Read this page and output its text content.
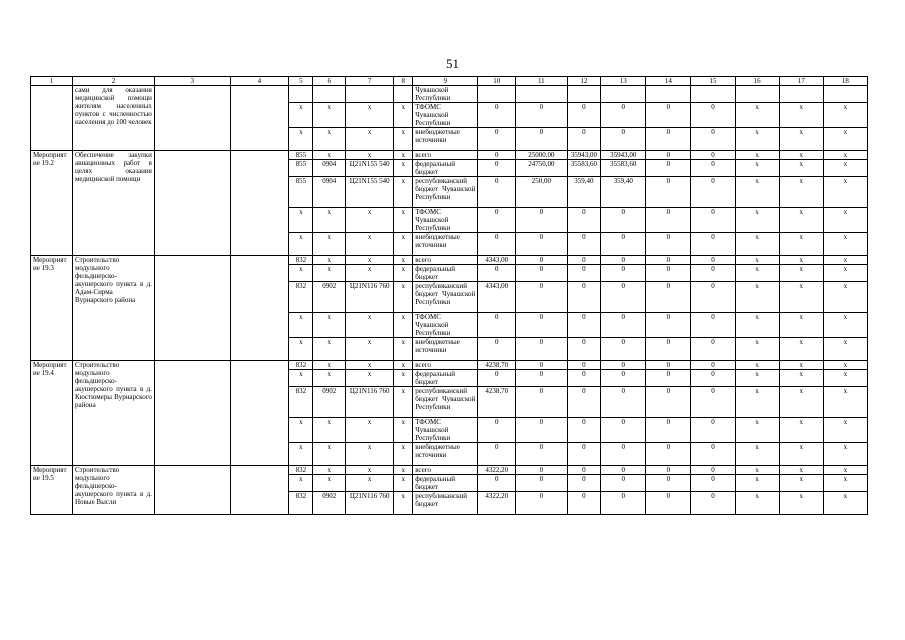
51
1	2	3	4	5	6	7	8	9	10	11	12	13	14	15	16	17	18
	сами для оказания медицинской помощи жителям населенных пунктов с численностью населения до 100 человек							Чувашской Республики									
				х	х	х	х	ТФОМС Чувашской Республики	0	0	0	0	0	0	х	х	х
				х	х	х	х	внебюджетные источники	0	0	0	0	0	0	х	х	х
Мероприятие 19.2	Обеспечение закупки авиационных работ в целях оказания медицинской помощи			855	х	х	х	всего	0	25000,00	35943,00	35943,00	0	0	х	х	х
				855	0904	Ц21N155 540	х	федеральный бюджет	0	24750,00	35583,60	35583,60	0	0	х	х	х
				855	0904	Ц21N155 540	х	республиканский бюджет Чувашской Республики	0	250,00	359,40	359,40	0	0	х	х	х
				х	х	х	х	ТФОМС Чувашской Республики	0	0	0	0	0	0	х	х	х
				х	х	х	х	внебюджетные источники	0	0	0	0	0	0	х	х	х
Мероприятие 19.3	Строительство модульного фельдшерско-акушерского пункта в д. Адам-Сирма Вурнарского района			832	х	х	х	всего	4343,00	0	0	0	0	0	х	х	х
				х	х	х	х	федеральный бюджет	0	0	0	0	0	0	х	х	х
				832	0902	Ц21N116 760	х	республиканский бюджет Чувашской Республики	4343,00	0	0	0	0	0	х	х	х
				х	х	х	х	ТФОМС Чувашской Республики	0	0	0	0	0	0	х	х	х
				х	х	х	х	внебюджетные источники	0	0	0	0	0	0	х	х	х
Мероприятие 19.4	Строительство модульного фельдшерско-акушерского пункта в д. Кюстюмеры Вурнарского района			832	х	х	х	всего	4238,70	0	0	0	0	0	х	х	х
				х	х	х	х	федеральный бюджет	0	0	0	0	0	0	х	х	х
				832	0902	Ц21N116 760	х	республиканский бюджет Чувашской Республики	4238,70	0	0	0	0	0	х	х	х
				х	х	х	х	ТФОМС Чувашской Республики	0	0	0	0	0	0	х	х	х
				х	х	х	х	внебюджетные источники	0	0	0	0	0	0	х	х	х
Мероприятие 19.5	Строительство модульного фельдшерско-акушерского пункта в д. Новые Высли			832	х	х	х	всего	4322,20	0	0	0	0	0	х	х	х
				х	х	х	х	федеральный бюджет	0	0	0	0	0	0	х	х	х
				832	0902	Ц21N116 760	х	республиканский бюджет	4322,20	0	0	0	0	0	х	х	х
